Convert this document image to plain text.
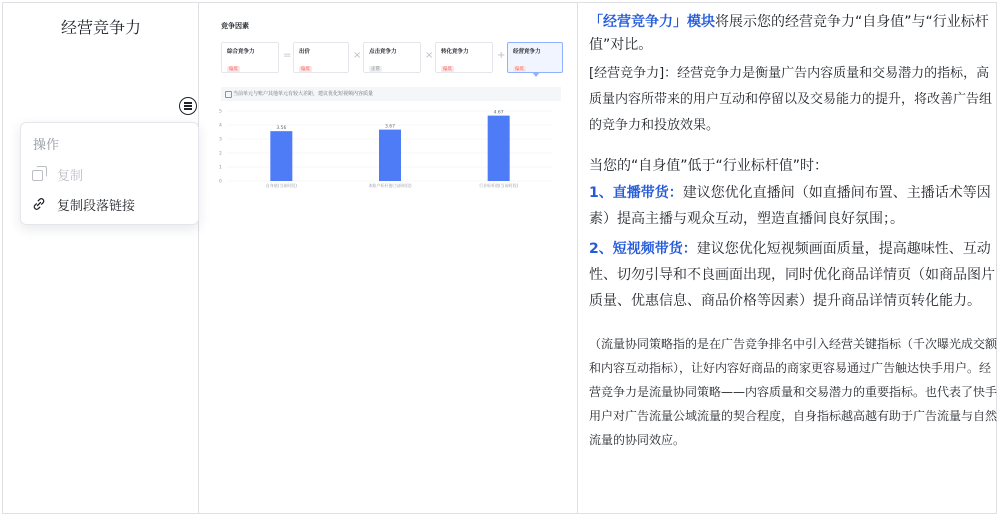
经营竞争力
操作
复制
复制段落链接
竞争因素
综合竞争力
偏低
= 出价
偏低
× 点击竞争力
正常
× 转化竞争力
偏低
+ 经营竞争力
偏低
当前单元与账户其他单元有较大差距，建议优化短视频内容质量
0
1
2
3
4
5
3.56
自身值(当前时段)
3.67
本账户标杆值(当前时段)
4.67
行业标杆值(当前时段)

「经营竞争力」模块将展示您的经营竞争力“自身值”与“行业标杆值”对比。

[经营竞争力]：经营竞争力是衡量广告内容质量和交易潜力的指标，高质量内容所带来的用户互动和停留以及交易能力的提升，将改善广告组的竞争力和投放效果。

当您的“自身值”低于“行业标杆值”时：

1、直播带货：建议您优化直播间（如直播间布置、主播话术等因素）提高主播与观众互动，塑造直播间良好氛围；。

2、短视频带货：建议您优化短视频画面质量，提高趣味性、互动性、切勿引导和不良画面出现，同时优化商品详情页（如商品图片质量、优惠信息、商品价格等因素）提升商品详情页转化能力。

（流量协同策略指的是在广告竞争排名中引入经营关键指标（千次曝光成交额和内容互动指标），让好内容好商品的商家更容易通过广告触达快手用户。经营竞争力是流量协同策略——内容质量和交易潜力的重要指标。也代表了快手用户对广告流量公域流量的契合程度，自身指标越高越有助于广告流量与自然流量的协同效应。
